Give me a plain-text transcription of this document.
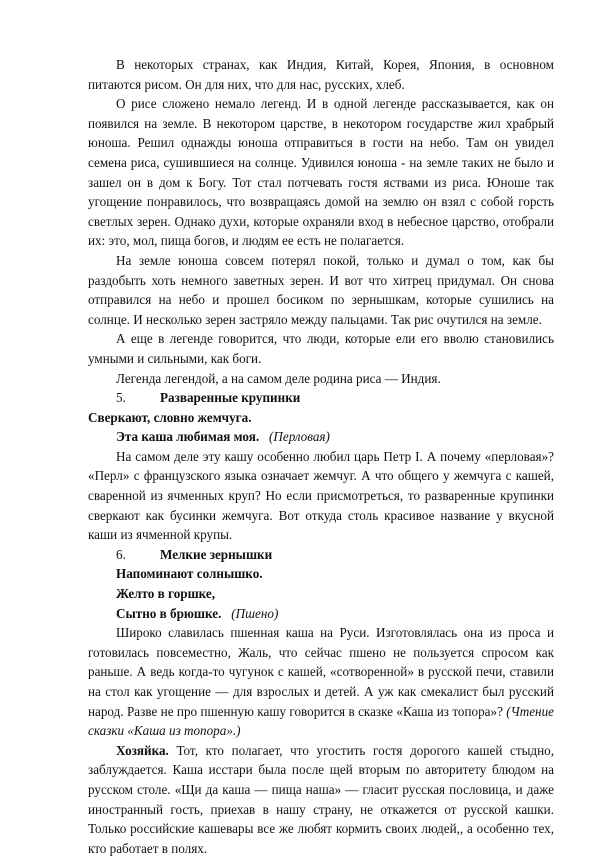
В некоторых странах, как Индия, Китай, Корея, Япония, в основном питаются рисом. Он для них, что для нас, русских, хлеб.

О рисе сложено немало легенд. И в одной легенде рассказывается, как он появился на земле. В некотором царстве, в некотором государстве жил храбрый юноша. Решил однажды юноша отправиться в гости на небо. Там он увидел семена риса, сушившиеся на солнце. Удивился юноша - на земле таких не было и зашел он в дом к Богу. Тот стал потчевать гостя яствами из риса. Юноше так угощение понравилось, что возвращаясь домой на землю он взял с собой горсть светлых зерен. Однако духи, которые охраняли вход в небесное царство, отобрали их: это, мол, пища богов, и людям ее есть не полагается.

На земле юноша совсем потерял покой, только и думал о том, как бы раздобыть хоть немного заветных зерен. И вот что хитрец придумал. Он снова отправился на небо и прошел босиком по зернышкам, которые сушились на солнце. И несколько зерен застряло между пальцами. Так рис очутился на земле.

А еще в легенде говорится, что люди, которые ели его вволю становились умными и сильными, как боги.

Легенда легендой, а на самом деле родина риса — Индия.

5.	Разваренные крупинки

Сверкают, словно жемчуга.

Эта каша любимая моя. (Перловая)

На самом деле эту кашу особенно любил царь Петр I. А почему «перловая»? «Перл» с французского языка означает жемчуг. А что общего у жемчуга с кашей, сваренной из ячменных круп? Но если присмотреться, то разваренные крупинки сверкают как бусинки жемчуга. Вот откуда столь красивое название у вкусной каши из ячменной крупы.

6.	Мелкие зернышки

Напоминают солнышко.

Желто в горшке,

Сытно в брюшке. (Пшено)

Широко славилась пшенная каша на Руси. Изготовлялась она из проса и готовилась повсеместно, Жаль, что сейчас пшено не пользуется спросом как раньше. А ведь когда-то чугунок с кашей, «сотворенной» в русской печи, ставили на стол как угощение — для взрослых и детей. А уж как смекалист был русский народ. Разве не про пшенную кашу говорится в сказке «Каша из топора»? (Чтение сказки «Каша из топора».)

Хозяйка. Тот, кто полагает, что угостить гостя дорогого кашей стыдно, заблуждается. Каша исстари была после щей вторым по авторитету блюдом на русском столе. «Щи да каша — пища наша» — гласит русская пословица, и даже иностранный гость, приехав в нашу страну, не откажется от русской кашки. Только российские кашевары все же любят кормить своих людей,, а особенно тех, кто работает в полях.
